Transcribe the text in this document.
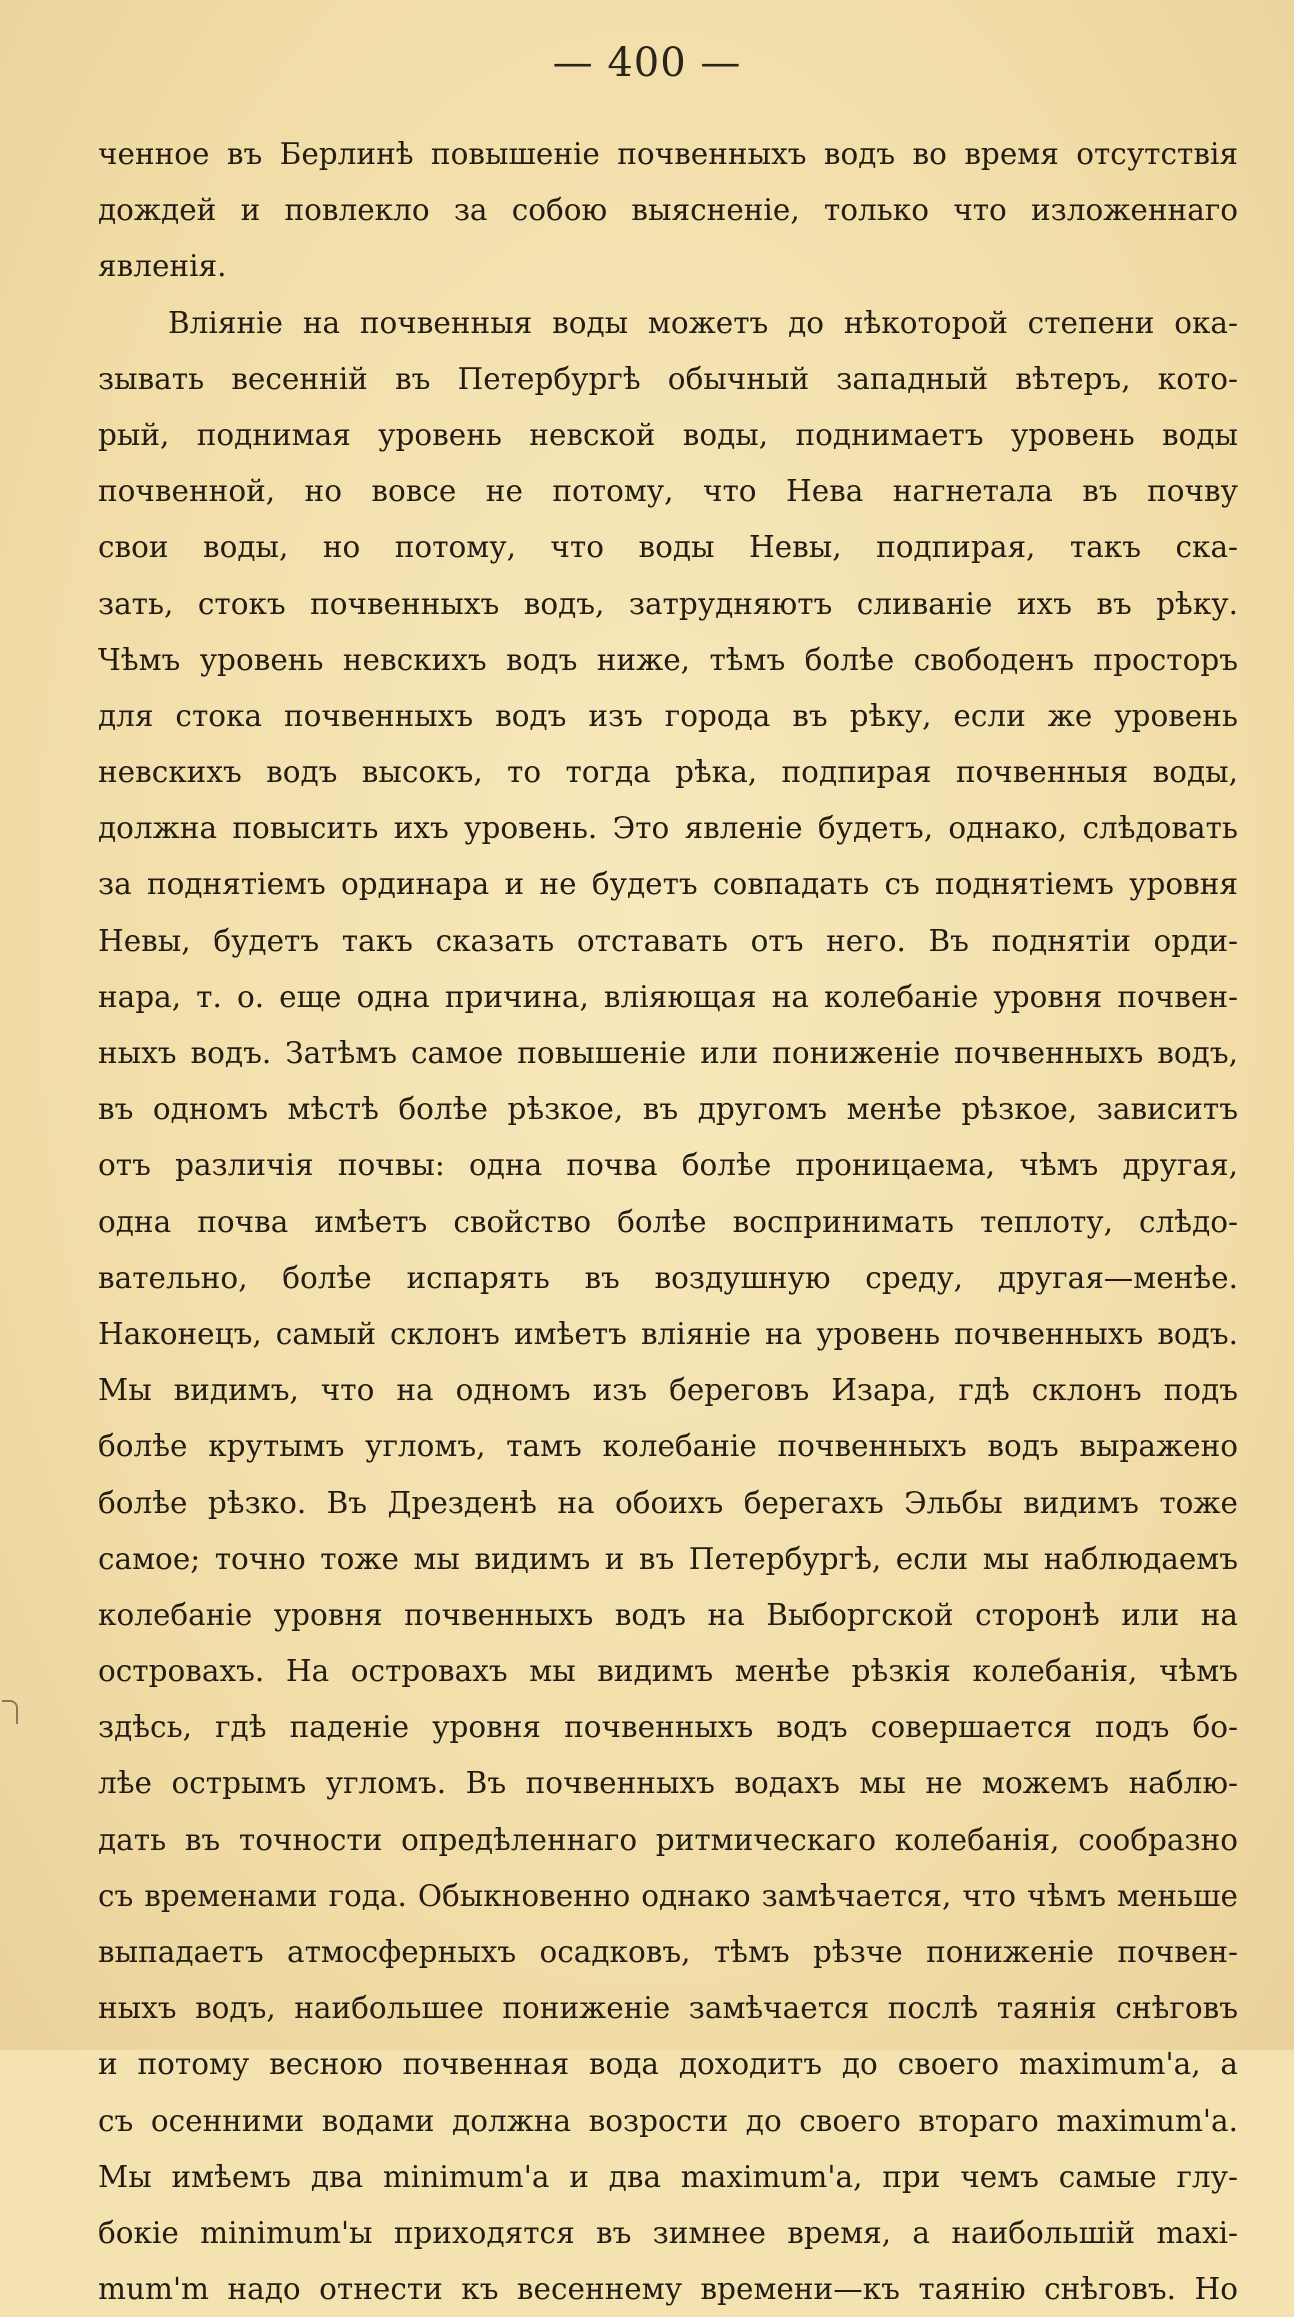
— 400 —
ченное въ Берлинѣ повышеніе почвенныхъ водъ во время отсутствія
дождей и повлекло за собою выясненіе, только что изложеннаго
явленія.
Вліяніе на почвенныя воды можетъ до нѣкоторой степени ока-
зывать весенній въ Петербургѣ обычный западный вѣтеръ, кото-
рый, поднимая уровень невской воды, поднимаетъ уровень воды
почвенной, но вовсе не потому, что Нева нагнетала въ почву
свои воды, но потому, что воды Невы, подпирая, такъ ска-
зать, стокъ почвенныхъ водъ, затрудняютъ сливаніе ихъ въ рѣку.
Чѣмъ уровень невскихъ водъ ниже, тѣмъ болѣе свободенъ просторъ
для стока почвенныхъ водъ изъ города въ рѣку, если же уровень
невскихъ водъ высокъ, то тогда рѣка, подпирая почвенныя воды,
должна повысить ихъ уровень. Это явленіе будетъ, однако, слѣдовать
за поднятіемъ ординара и не будетъ совпадать съ поднятіемъ уровня
Невы, будетъ такъ сказать отставать отъ него. Въ поднятіи орди-
нара, т. о. еще одна причина, вліяющая на колебаніе уровня почвен-
ныхъ водъ. Затѣмъ самое повышеніе или пониженіе почвенныхъ водъ,
въ одномъ мѣстѣ болѣе рѣзкое, въ другомъ менѣе рѣзкое, зависитъ
отъ различія почвы: одна почва болѣе проницаема, чѣмъ другая,
одна почва имѣетъ свойство болѣе воспринимать теплоту, слѣдо-
вательно, болѣе испарять въ воздушную среду, другая—менѣе.
Наконецъ, самый склонъ имѣетъ вліяніе на уровень почвенныхъ водъ.
Мы видимъ, что на одномъ изъ береговъ Изара, гдѣ склонъ подъ
болѣе крутымъ угломъ, тамъ колебаніе почвенныхъ водъ выражено
болѣе рѣзко. Въ Дрезденѣ на обоихъ берегахъ Эльбы видимъ тоже
самое; точно тоже мы видимъ и въ Петербургѣ, если мы наблюдаемъ
колебаніе уровня почвенныхъ водъ на Выборгской сторонѣ или на
островахъ. На островахъ мы видимъ менѣе рѣзкія колебанія, чѣмъ
здѣсь, гдѣ паденіе уровня почвенныхъ водъ совершается подъ бо-
лѣе острымъ угломъ. Въ почвенныхъ водахъ мы не можемъ наблю-
дать въ точности опредѣленнаго ритмическаго колебанія, сообразно
съ временами года. Обыкновенно однако замѣчается, что чѣмъ меньше
выпадаетъ атмосферныхъ осадковъ, тѣмъ рѣзче пониженіе почвен-
ныхъ водъ, наибольшее пониженіе замѣчается послѣ таянія снѣговъ
и потому весною почвенная вода доходитъ до своего maximum'а, а
съ осенними водами должна возрости до своего втораго maximum'а.
Мы имѣемъ два minimum'а и два maximum'а, при чемъ самые глу-
бокіе minimum'ы приходятся въ зимнее время, а наибольшій maxi-
mum'm надо отнести къ весеннему времени—къ таянію снѣговъ. Но
